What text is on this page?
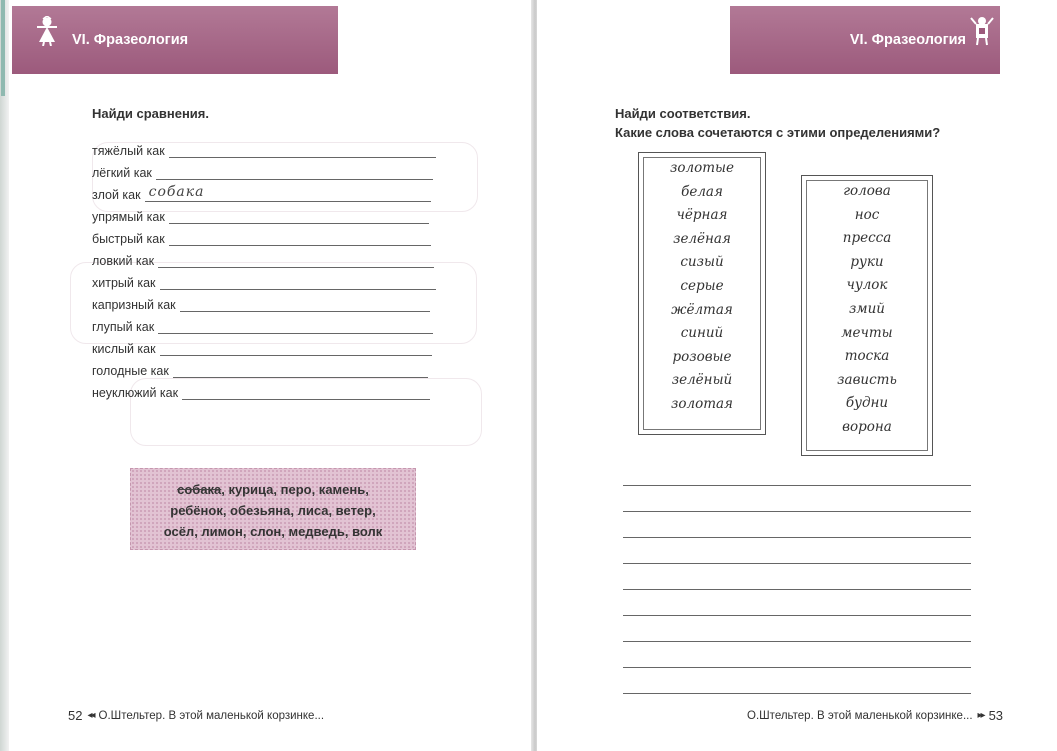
VI. Фразеология
Найди сравнения.
тяжёлый как
лёгкий как
злой как собака
упрямый как
быстрый как
ловкий как
хитрый как
капризный как
глупый как
кислый как
голодные как
неуклюжий как
собака, курица, перо, камень,
ребёнок, обезьяна, лиса, ветер,
осёл, лимон, слон, медведь, волк
52 ◂◂ О.Штельтер. В этой маленькой корзинке...
VI. Фразеология
Найди соответствия.
Какие слова сочетаются с этими определениями?
золотые
белая
чёрная
зелёная
сизый
серые
жёлтая
синий
розовые
зелёный
золотая
голова
нос
пресса
руки
чулок
змий
мечты
тоска
зависть
будни
ворона
О.Штельтер. В этой маленькой корзинке... ▸▸ 53
